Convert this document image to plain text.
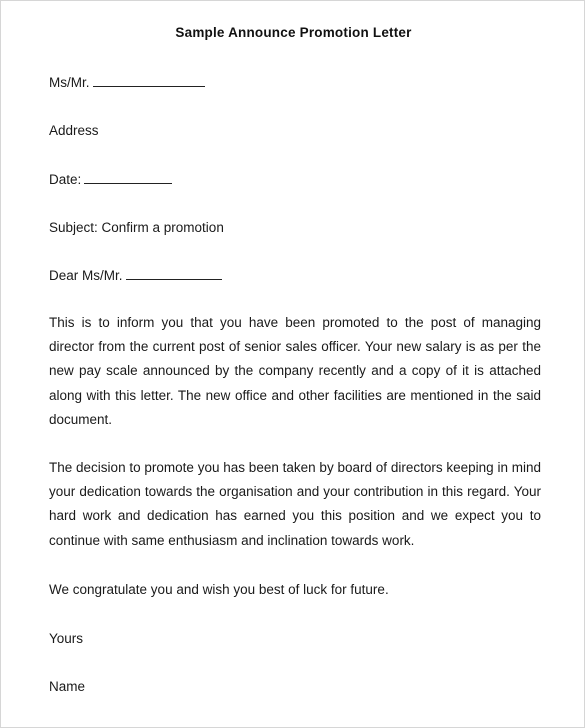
Sample Announce Promotion Letter
Ms/Mr.
Address
Date:
Subject: Confirm a promotion
Dear Ms/Mr.

This is to inform you that you have been promoted to the post of managing director from the current post of senior sales officer. Your new salary is as per the new pay scale announced by the company recently and a copy of it is attached along with this letter. The new office and other facilities are mentioned in the said document.

The decision to promote you has been taken by board of directors keeping in mind your dedication towards the organisation and your contribution in this regard. Your hard work and dedication has earned you this position and we expect you to continue with same enthusiasm and inclination towards work.

We congratulate you and wish you best of luck for future.
Yours
Name
